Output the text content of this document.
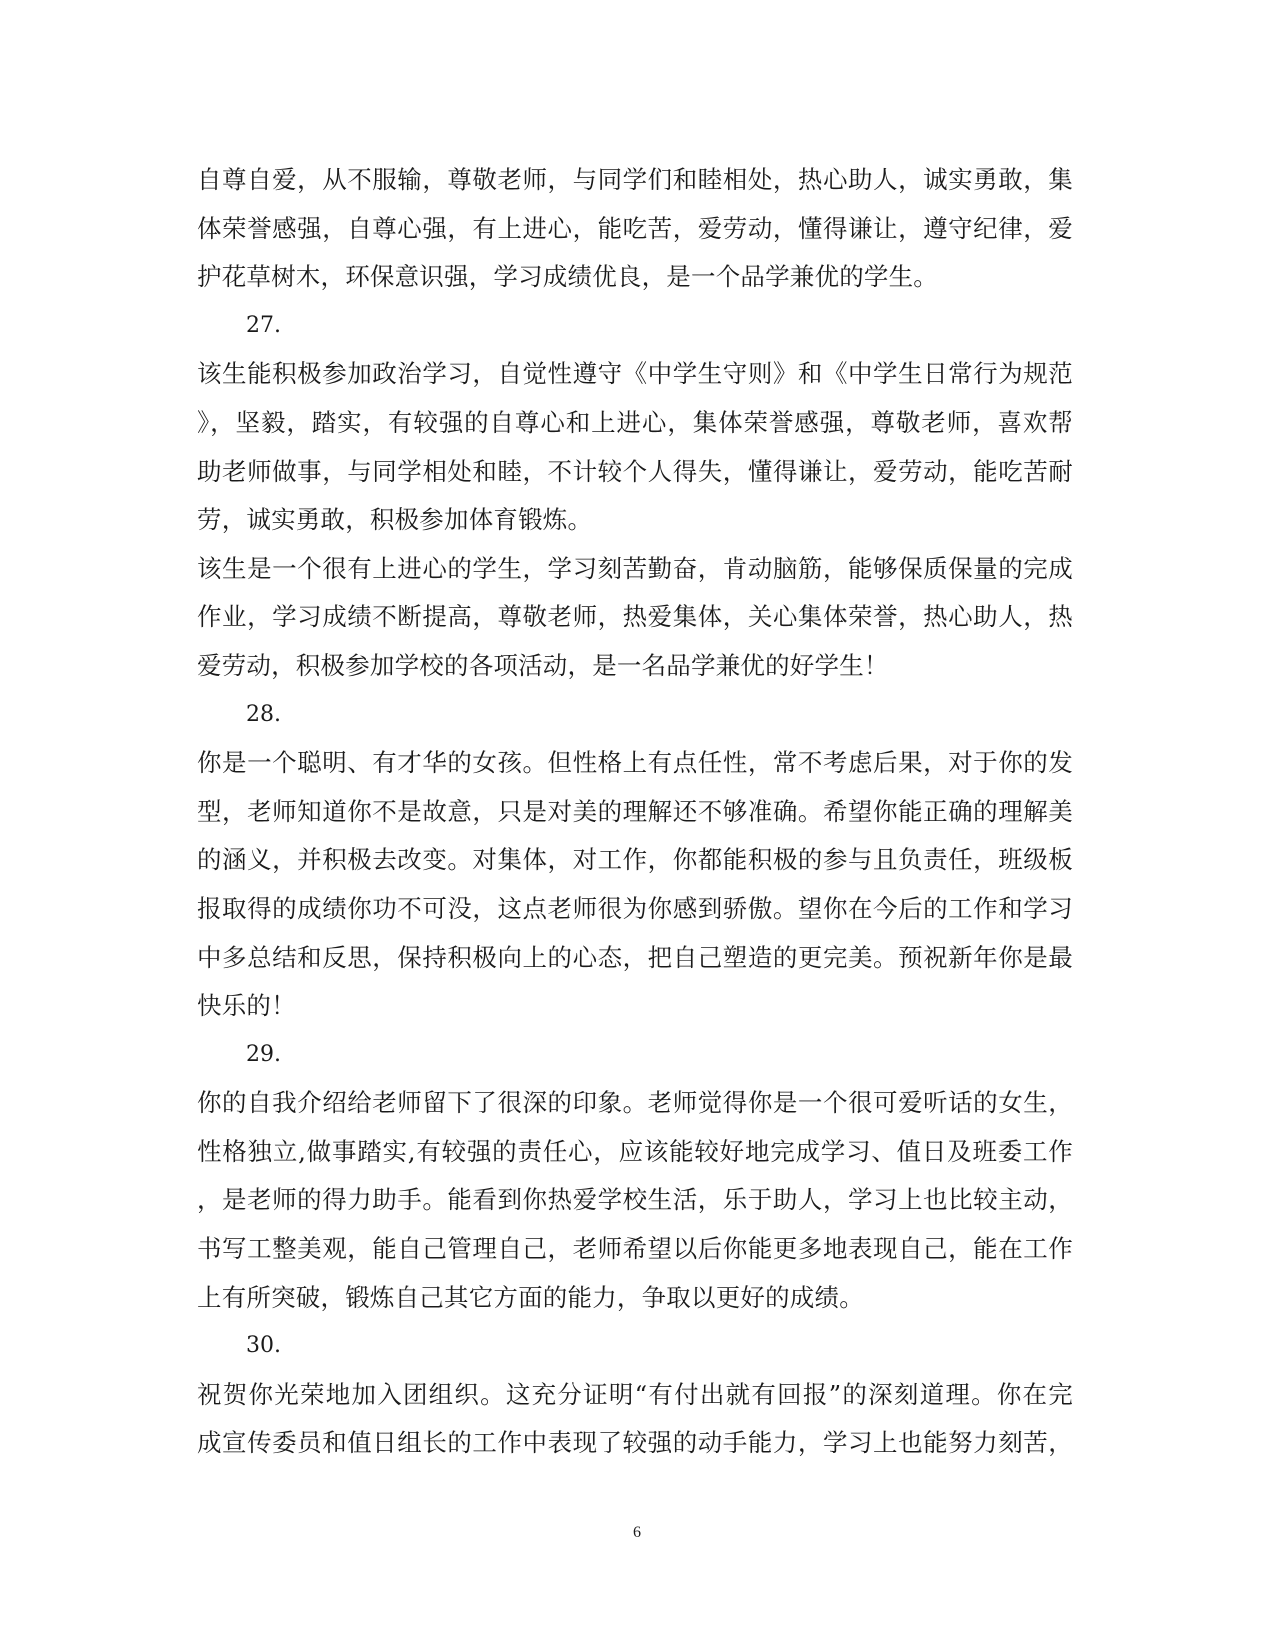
自尊自爱，从不服输，尊敬老师，与同学们和睦相处，热心助人，诚实勇敢，集
体荣誉感强，自尊心强，有上进心，能吃苦，爱劳动，懂得谦让，遵守纪律，爱
护花草树木，环保意识强，学习成绩优良，是一个品学兼优的学生。
27.
该生能积极参加政治学习，自觉性遵守《中学生守则》和《中学生日常行为规范
》，坚毅，踏实，有较强的自尊心和上进心，集体荣誉感强，尊敬老师，喜欢帮
助老师做事，与同学相处和睦，不计较个人得失，懂得谦让，爱劳动，能吃苦耐
劳，诚实勇敢，积极参加体育锻炼。
该生是一个很有上进心的学生，学习刻苦勤奋，肯动脑筋，能够保质保量的完成
作业，学习成绩不断提高，尊敬老师，热爱集体，关心集体荣誉，热心助人，热
爱劳动，积极参加学校的各项活动，是一名品学兼优的好学生！
28.
你是一个聪明、有才华的女孩。但性格上有点任性，常不考虑后果，对于你的发
型，老师知道你不是故意，只是对美的理解还不够准确。希望你能正确的理解美
的涵义，并积极去改变。对集体，对工作，你都能积极的参与且负责任，班级板
报取得的成绩你功不可没，这点老师很为你感到骄傲。望你在今后的工作和学习
中多总结和反思，保持积极向上的心态，把自己塑造的更完美。预祝新年你是最
快乐的！
29.
你的自我介绍给老师留下了很深的印象。老师觉得你是一个很可爱听话的女生，
性格独立,做事踏实,有较强的责任心，应该能较好地完成学习、值日及班委工作
，是老师的得力助手。能看到你热爱学校生活，乐于助人，学习上也比较主动，
书写工整美观，能自己管理自己，老师希望以后你能更多地表现自己，能在工作
上有所突破，锻炼自己其它方面的能力，争取以更好的成绩。
30.
祝贺你光荣地加入团组织。这充分证明“有付出就有回报”的深刻道理。你在完
成宣传委员和值日组长的工作中表现了较强的动手能力，学习上也能努力刻苦，
6
